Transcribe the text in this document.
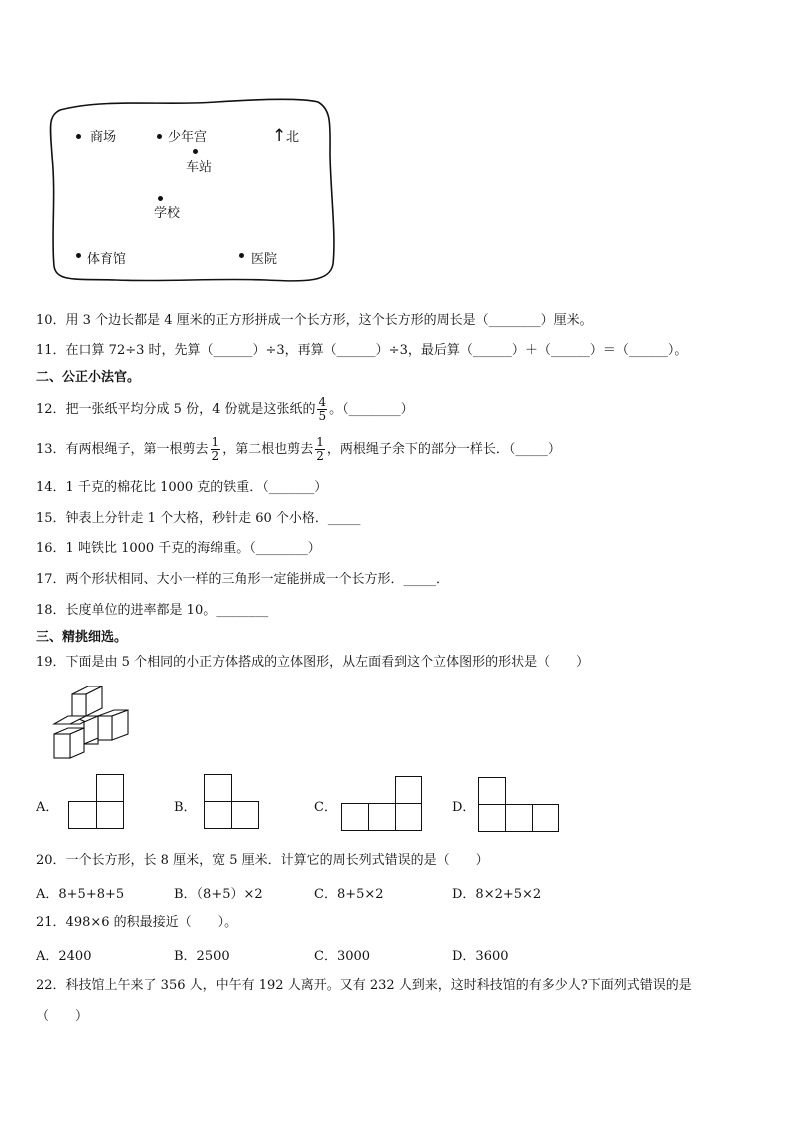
商场	少年宫
车站
学校
体育馆	医院
↑ 北
10．用 3 个边长都是 4 厘米的正方形拼成一个长方形，这个长方形的周长是（________）厘米。
11．在口算 72÷3 时，先算（______）÷3，再算（______）÷3，最后算（______）＋（______）＝（______）。
二、公正小法官。
12．把一张纸平均分成 5 份，4 份就是这张纸的 $\frac{4}{5}$ 。（________）
13．有两根绳子，第一根剪去 $\frac{1}{2}$ ，第二根也剪去 $\frac{1}{2}$ ，两根绳子余下的部分一样长．（_____）
14．1 千克的棉花比 1000 克的铁重．（_______）
15．钟表上分针走 1 个大格，秒针走 60 个小格．_____
16．1 吨铁比 1000 千克的海绵重。（________）
17．两个形状相同、大小一样的三角形一定能拼成一个长方形．_____．
18．长度单位的进率都是 10。________
三、精挑细选。
19．下面是由 5 个相同的小正方体搭成的立体图形，从左面看到这个立体图形的形状是（　　）
A．	B．	C．	D．
20．一个长方形，长 8 厘米，宽 5 厘米．计算它的周长列式错误的是（　　）
A．8+5+8+5	B．（8+5）×2	C．8+5×2	D．8×2+5×2
21．498×6 的积最接近（　　）。
A．2400	B．2500	C．3000	D．3600
22．科技馆上午来了 356 人，中午有 192 人离开。又有 232 人到来，这时科技馆的有多少人?下面列式错误的是
（　　）
